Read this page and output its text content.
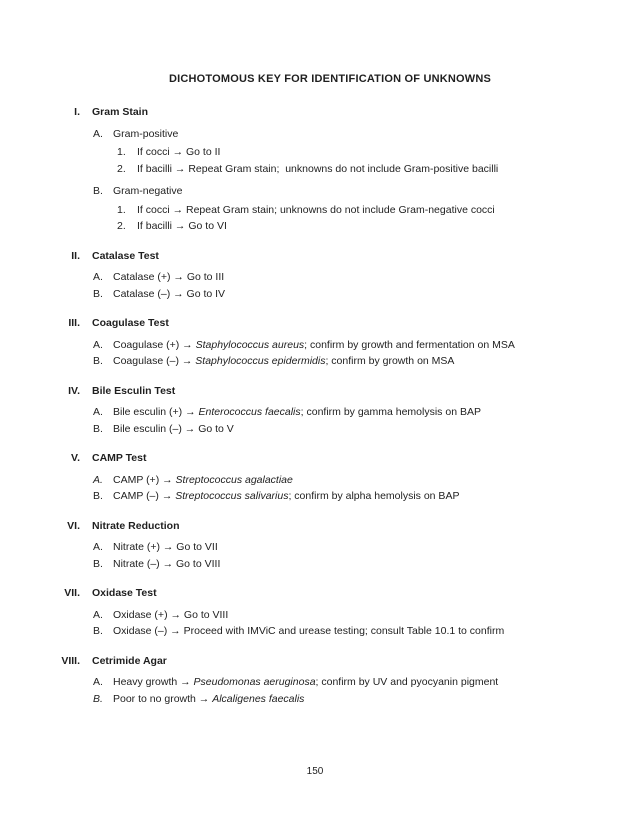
DICHOTOMOUS KEY FOR IDENTIFICATION OF UNKNOWNS
I. Gram Stain
A. Gram-positive
1.	If cocci → Go to II
2.	If bacilli → Repeat Gram stain;  unknowns do not include Gram-positive bacilli
B. Gram-negative
1.	If cocci → Repeat Gram stain; unknowns do not include Gram-negative cocci
2.	If bacilli → Go to VI
II. Catalase Test
A. Catalase (+) → Go to III
B. Catalase (–) → Go to IV
III. Coagulase Test
A. Coagulase (+) → Staphylococcus aureus; confirm by growth and fermentation on MSA
B. Coagulase (–) → Staphylococcus epidermidis; confirm by growth on MSA
IV. Bile Esculin Test
A. Bile esculin (+) → Enterococcus faecalis; confirm by gamma hemolysis on BAP
B. Bile esculin (–) → Go to V
V. CAMP Test
A. CAMP (+) → Streptococcus agalactiae
B. CAMP (–) → Streptococcus salivarius; confirm by alpha hemolysis on BAP
VI. Nitrate Reduction
A. Nitrate (+) → Go to VII
B. Nitrate (–) → Go to VIII
VII. Oxidase Test
A. Oxidase (+) → Go to VIII
B. Oxidase (–) → Proceed with IMViC and urease testing; consult Table 10.1 to confirm
VIII. Cetrimide Agar
A. Heavy growth → Pseudomonas aeruginosa; confirm by UV and pyocyanin pigment
B. Poor to no growth → Alcaligenes faecalis
150
